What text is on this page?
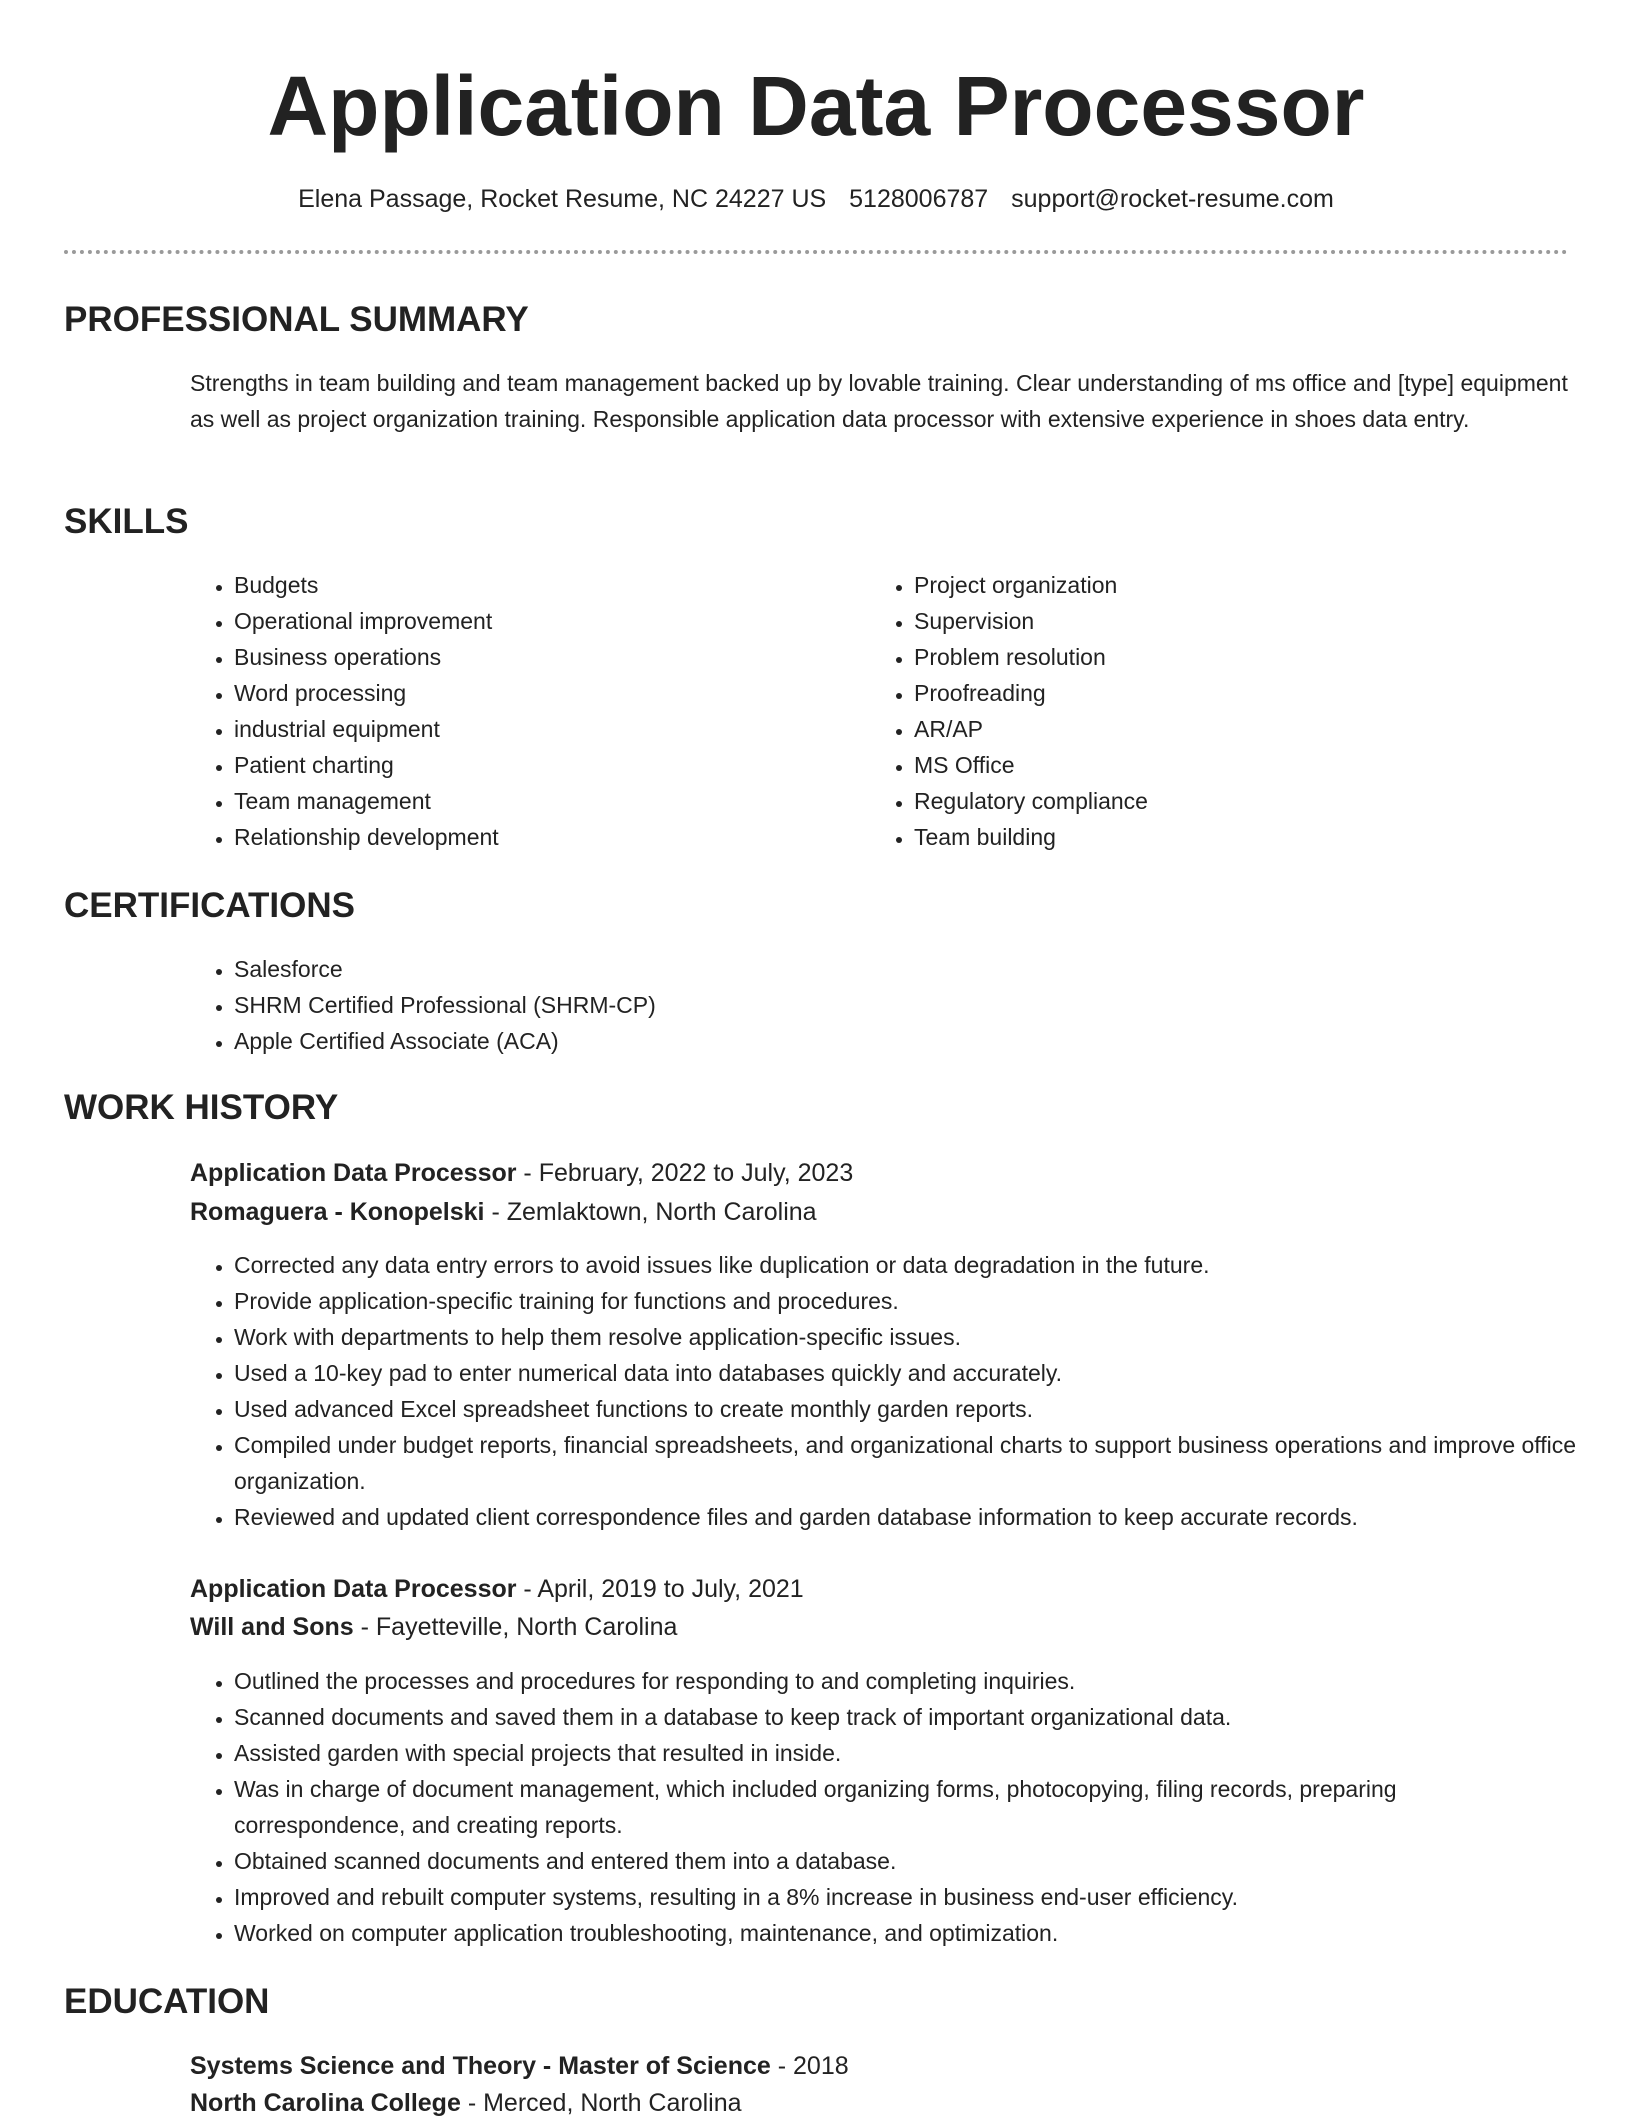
Application Data Processor
Elena Passage, Rocket Resume, NC 24227 US 5128006787 support@rocket-resume.com
PROFESSIONAL SUMMARY

Strengths in team building and team management backed up by lovable training. Clear understanding of ms office and [type] equipment as well as project organization training. Responsible application data processor with extensive experience in shoes data entry.

SKILLS
• Budgets
• Operational improvement
• Business operations
• Word processing
• industrial equipment
• Patient charting
• Team management
• Relationship development
• Project organization
• Supervision
• Problem resolution
• Proofreading
• AR/AP
• MS Office
• Regulatory compliance
• Team building
CERTIFICATIONS
• Salesforce
• SHRM Certified Professional (SHRM-CP)
• Apple Certified Associate (ACA)
WORK HISTORY
Application Data Processor - February, 2022 to July, 2023
Romaguera - Konopelski - Zemlaktown, North Carolina
• Corrected any data entry errors to avoid issues like duplication or data degradation in the future.
• Provide application-specific training for functions and procedures.
• Work with departments to help them resolve application-specific issues.
• Used a 10-key pad to enter numerical data into databases quickly and accurately.
• Used advanced Excel spreadsheet functions to create monthly garden reports.
• Compiled under budget reports, financial spreadsheets, and organizational charts to support business operations and improve office organization.
• Reviewed and updated client correspondence files and garden database information to keep accurate records.
Application Data Processor - April, 2019 to July, 2021
Will and Sons - Fayetteville, North Carolina
• Outlined the processes and procedures for responding to and completing inquiries.
• Scanned documents and saved them in a database to keep track of important organizational data.
• Assisted garden with special projects that resulted in inside.
• Was in charge of document management, which included organizing forms, photocopying, filing records, preparing correspondence, and creating reports.
• Obtained scanned documents and entered them into a database.
• Improved and rebuilt computer systems, resulting in a 8% increase in business end-user efficiency.
• Worked on computer application troubleshooting, maintenance, and optimization.
EDUCATION
Systems Science and Theory - Master of Science - 2018
North Carolina College - Merced, North Carolina
